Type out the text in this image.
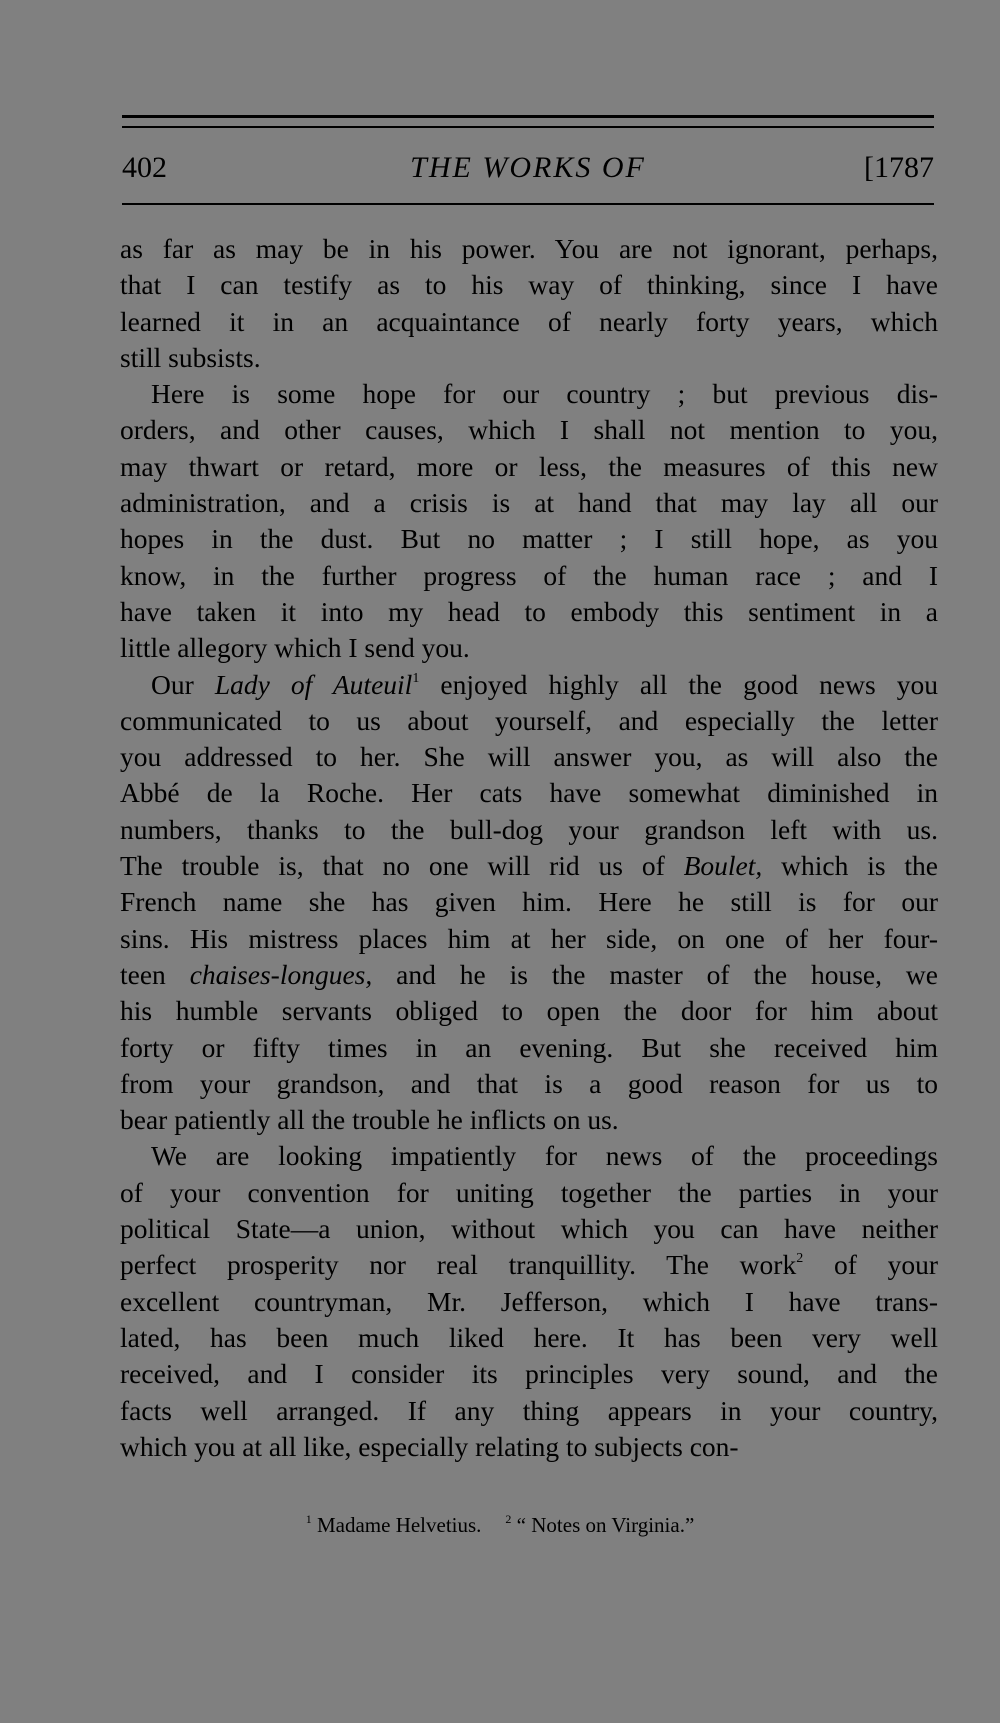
402	THE WORKS OF	[1787
as far as may be in his power. You are not ignorant, perhaps,
that I can testify as to his way of thinking, since I have
learned it in an acquaintance of nearly forty years, which
still subsists.
Here is some hope for our country ; but previous dis-
orders, and other causes, which I shall not mention to you,
may thwart or retard, more or less, the measures of this new
administration, and a crisis is at hand that may lay all our
hopes in the dust. But no matter ; I still hope, as you
know, in the further progress of the human race ; and I
have taken it into my head to embody this sentiment in a
little allegory which I send you.
Our Lady of Auteuil$^1$ enjoyed highly all the good news you
communicated to us about yourself, and especially the letter
you addressed to her. She will answer you, as will also the
Abbé de la Roche. Her cats have somewhat diminished in
numbers, thanks to the bull-dog your grandson left with us.
The trouble is, that no one will rid us of Boulet, which is the
French name she has given him. Here he still is for our
sins. His mistress places him at her side, on one of her four-
teen chaises-longues, and he is the master of the house, we
his humble servants obliged to open the door for him about
forty or fifty times in an evening. But she received him
from your grandson, and that is a good reason for us to
bear patiently all the trouble he inflicts on us.
We are looking impatiently for news of the proceedings
of your convention for uniting together the parties in your
political State—a union, without which you can have neither
perfect prosperity nor real tranquillity. The work$^2$ of your
excellent countryman, Mr. Jefferson, which I have trans-
lated, has been much liked here. It has been very well
received, and I consider its principles very sound, and the
facts well arranged. If any thing appears in your country,
which you at all like, especially relating to subjects con-
$^1$ Madame Helvetius. $^2$ “ Notes on Virginia.”
